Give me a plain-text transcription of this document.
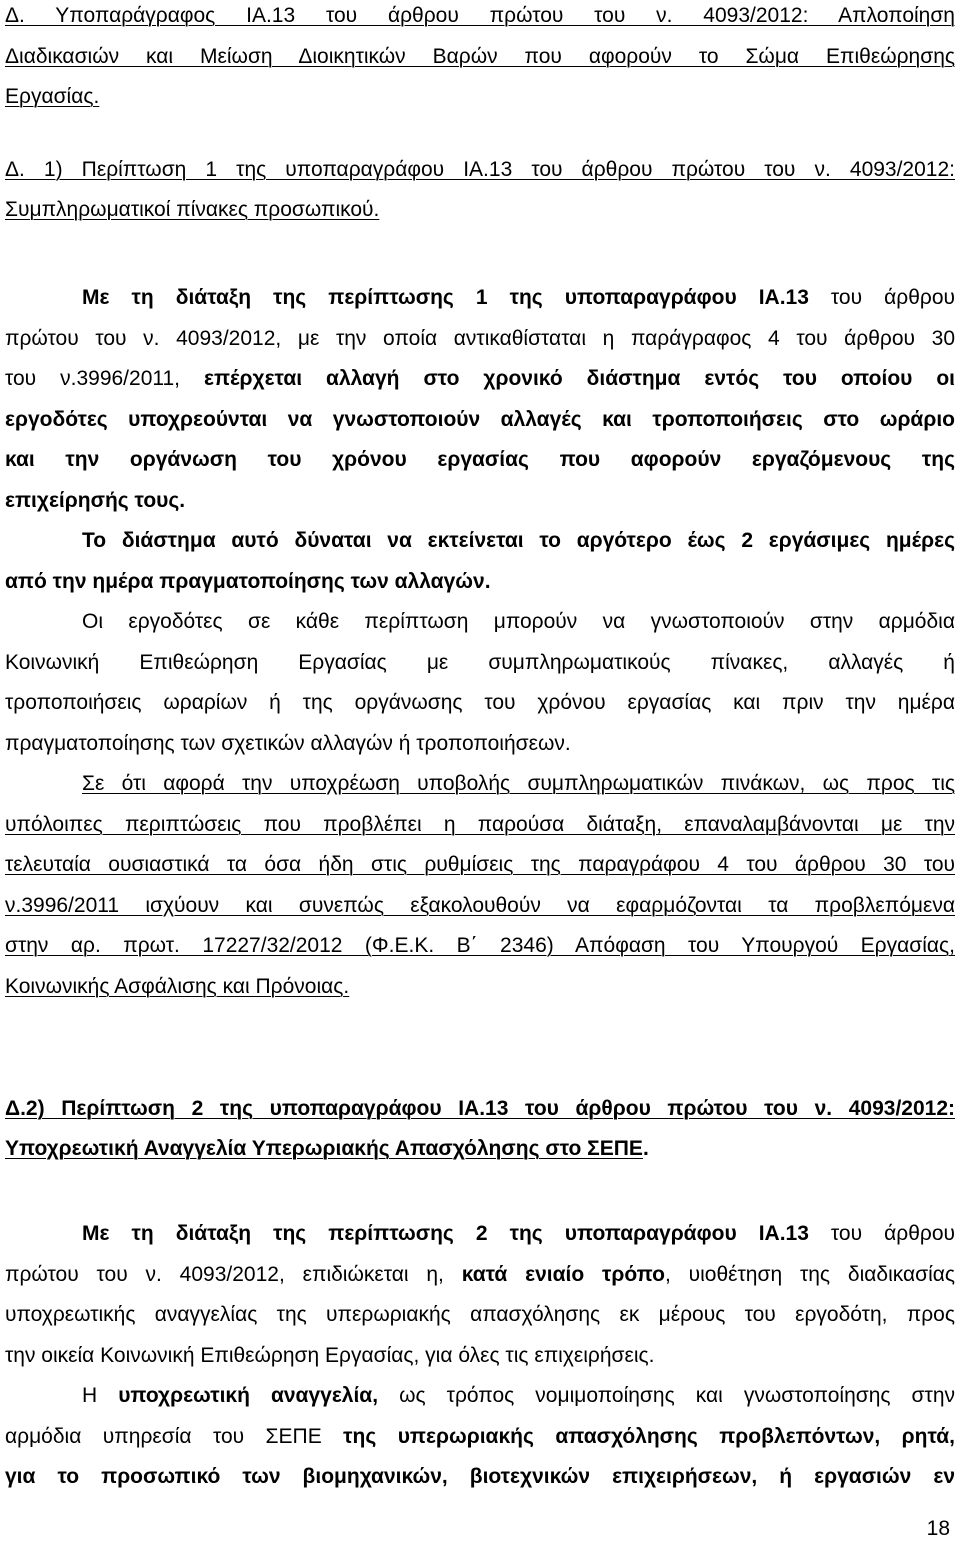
Δ. Υποπαράγραφος ΙΑ.13 του άρθρου πρώτου του ν. 4093/2012: Απλοποίηση
Διαδικασιών και Μείωση Διοικητικών Βαρών που αφορούν το Σώμα Επιθεώρησης
Εργασίας.
Δ. 1) Περίπτωση 1 της υποπαραγράφου ΙΑ.13 του άρθρου πρώτου του ν. 4093/2012:
Συμπληρωματικοί πίνακες προσωπικού.
Με τη διάταξη της περίπτωσης 1 της υποπαραγράφου ΙΑ.13 του άρθρου
πρώτου του ν. 4093/2012, με την οποία αντικαθίσταται η παράγραφος 4 του άρθρου 30
του ν.3996/2011, επέρχεται αλλαγή στο χρονικό διάστημα εντός του οποίου οι
εργοδότες υποχρεούνται να γνωστοποιούν αλλαγές και τροποποιήσεις στο ωράριο
και την οργάνωση του χρόνου εργασίας που αφορούν εργαζόμενους της
επιχείρησής τους.
Το διάστημα αυτό δύναται να εκτείνεται το αργότερο έως 2 εργάσιμες ημέρες
από την ημέρα πραγματοποίησης των αλλαγών.
Οι εργοδότες σε κάθε περίπτωση μπορούν να γνωστοποιούν στην αρμόδια
Κοινωνική Επιθεώρηση Εργασίας με συμπληρωματικούς πίνακες, αλλαγές ή
τροποποιήσεις ωραρίων ή της οργάνωσης του χρόνου εργασίας και πριν την ημέρα
πραγματοποίησης των σχετικών αλλαγών ή τροποποιήσεων.
Σε ότι αφορά την υποχρέωση υποβολής συμπληρωματικών πινάκων, ως προς τις
υπόλοιπες περιπτώσεις που προβλέπει η παρούσα διάταξη, επαναλαμβάνονται με την
τελευταία ουσιαστικά τα όσα ήδη στις ρυθμίσεις της παραγράφου 4 του άρθρου 30 του
ν.3996/2011 ισχύουν και συνεπώς εξακολουθούν να εφαρμόζονται τα προβλεπόμενα
στην αρ. πρωτ. 17227/32/2012 (Φ.Ε.Κ. Β΄ 2346) Απόφαση του Υπουργού Εργασίας,
Κοινωνικής Ασφάλισης και Πρόνοιας.
Δ.2) Περίπτωση 2 της υποπαραγράφου ΙΑ.13 του άρθρου πρώτου του ν. 4093/2012:
Υποχρεωτική Αναγγελία Υπερωριακής Απασχόλησης στο ΣΕΠΕ.
Με τη διάταξη της περίπτωσης 2 της υποπαραγράφου ΙΑ.13 του άρθρου
πρώτου του ν. 4093/2012, επιδιώκεται η, κατά ενιαίο τρόπο, υιοθέτηση της διαδικασίας
υποχρεωτικής αναγγελίας της υπερωριακής απασχόλησης εκ μέρους του εργοδότη, προς
την οικεία Κοινωνική Επιθεώρηση Εργασίας, για όλες τις επιχειρήσεις.
Η υποχρεωτική αναγγελία, ως τρόπος νομιμοποίησης και γνωστοποίησης στην
αρμόδια υπηρεσία του ΣΕΠΕ της υπερωριακής απασχόλησης προβλεπόντων, ρητά,
για το προσωπικό των βιομηχανικών, βιοτεχνικών επιχειρήσεων, ή εργασιών εν
18
